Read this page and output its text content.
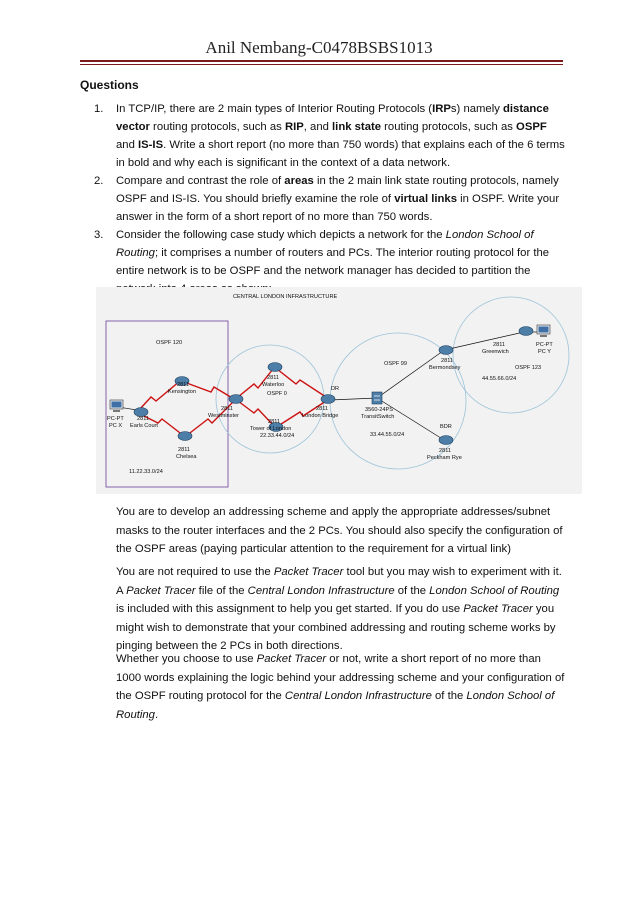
Anil Nembang-C0478BSBS1013
Questions
1. In TCP/IP, there are 2 main types of Interior Routing Protocols (IRPs) namely distance vector routing protocols, such as RIP, and link state routing protocols, such as OSPF and IS-IS. Write a short report (no more than 750 words) that explains each of the 6 terms in bold and why each is significant in the context of a data network.
2. Compare and contrast the role of areas in the 2 main link state routing protocols, namely OSPF and IS-IS. You should briefly examine the role of virtual links in OSPF. Write your answer in the form of a short report of no more than 750 words.
3. Consider the following case study which depicts a network for the London School of Routing; it comprises a number of routers and PCs. The interior routing protocol for the entire network is to be OSPF and the network manager has decided to partition the
CENTRAL LONDON INFRASTRUCTURE
OSPF 120
11.22.33.0/24
OSPF 0
22.33.44.0/24
OSPF 99
33.44.55.0/24
OSPF 123
44.55.66.0/24
DR
BDR
PC-PT
PC X
2811
Earls Court
2811
Kensington
2811
Chelsea
2811
Westminster
2811
Waterloo
2811
Tower of London
2811
London Bridge
3560-24PS
TransitSwitch
2811
Bermondsey
2811
Peckham Rye
2811
Greenwich
PC-PT
PC Y

You are to develop an addressing scheme and apply the appropriate addresses/subnet masks to the router interfaces and the 2 PCs. You should also specify the configuration of the OSPF areas (paying particular attention to the requirement for a virtual link)

You are not required to use the Packet Tracer tool but you may wish to experiment with it. A Packet Tracer file of the Central London Infrastructure of the London School of Routing is included with this assignment to help you get started. If you do use Packet Tracer you might wish to demonstrate that your combined addressing and routing scheme works by pinging between the 2 PCs in both directions.

Whether you choose to use Packet Tracer or not, write a short report of no more than 1000 words explaining the logic behind your addressing scheme and your configuration of the OSPF routing protocol for the Central London Infrastructure of the London School of Routing.
